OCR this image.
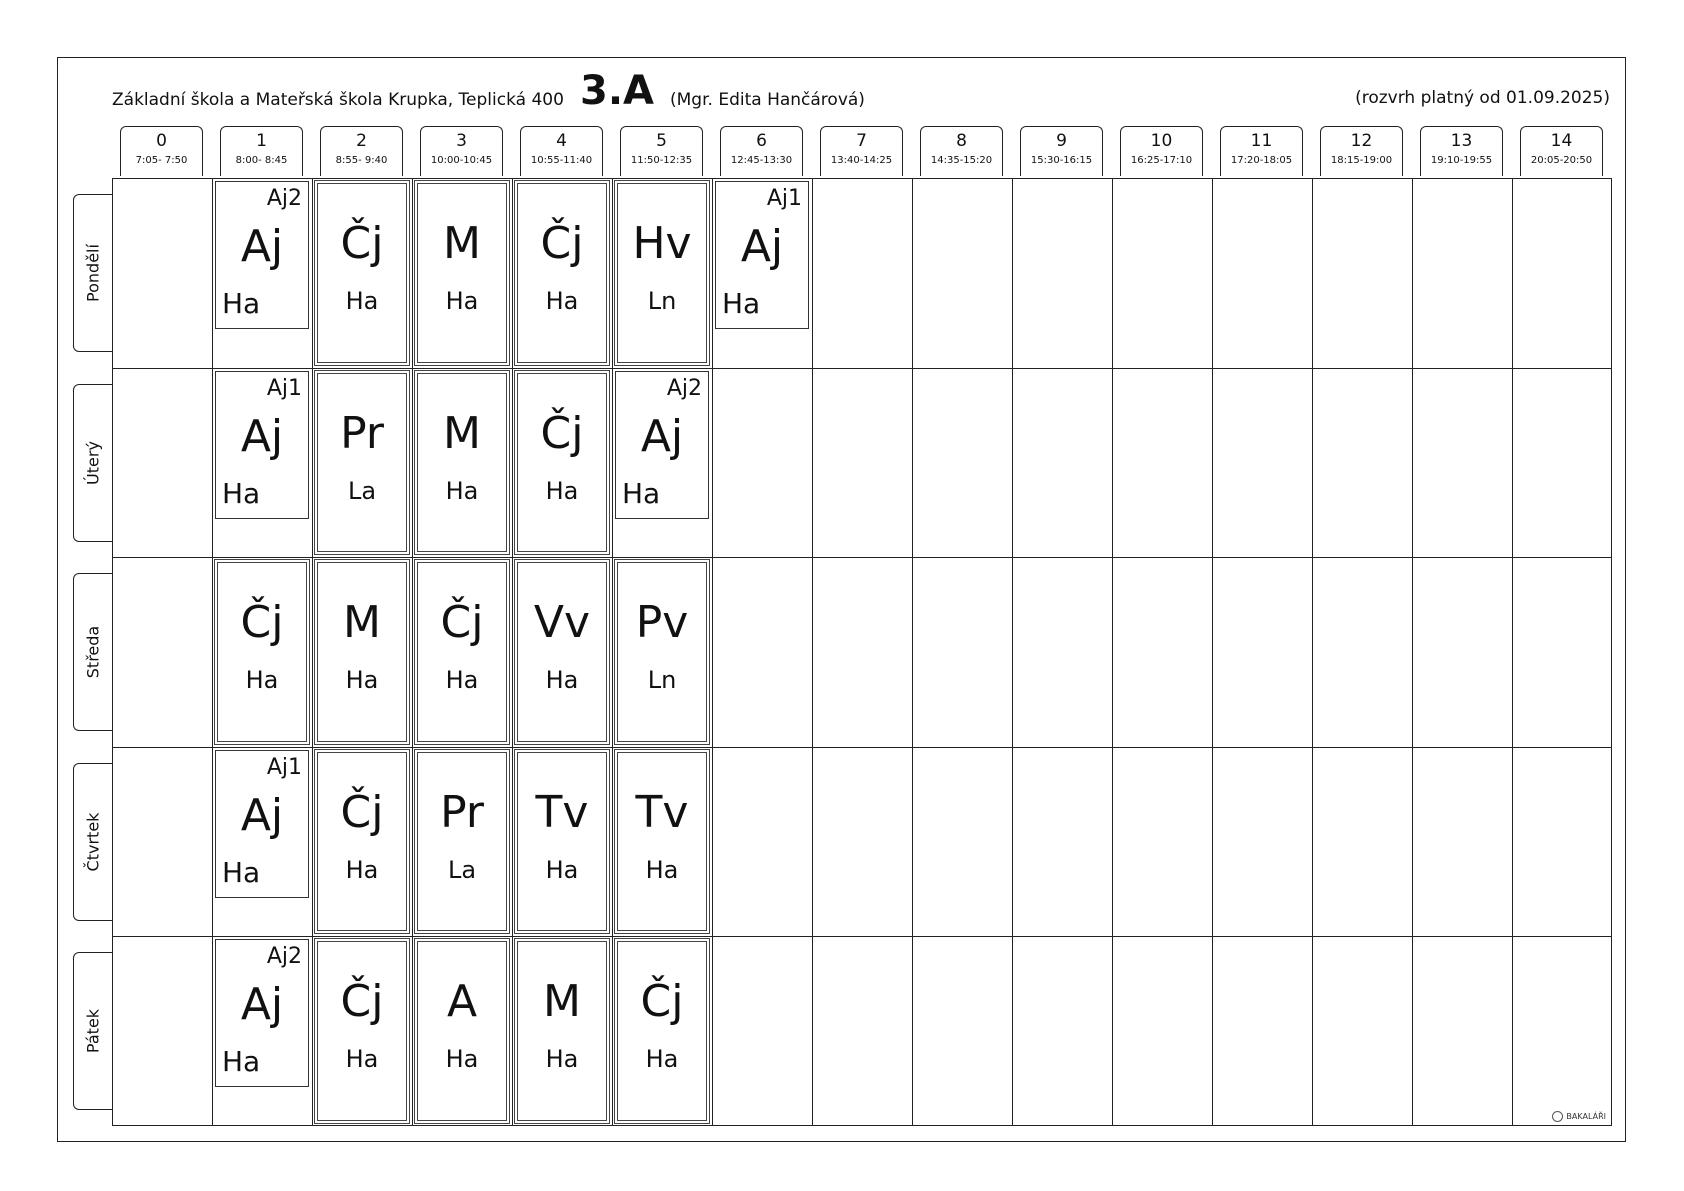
Základní škola a Mateřská škola Krupka, Teplická 400 3.A (Mgr. Edita Hančárová)	(rozvrh platný od 01.09.2025)
0
7:05- 7:50
1
8:00- 8:45
2
8:55- 9:40
3
10:00-10:45
4
10:55-11:40
5
11:50-12:35
6
12:45-13:30
7
13:40-14:25
8
14:35-15:20
9
15:30-16:15
10
16:25-17:10
11
17:20-18:05
12
18:15-19:00
13
19:10-19:55
14
20:05-20:50
Pondělí
Úterý
Středa
Čtvrtek
Pátek
Aj2
Aj
Ha
Čj
Ha
M
Ha
Čj
Ha
Hv
Ln
Aj1
Aj
Ha
Aj1
Aj
Ha
Pr
La
M
Ha
Čj
Ha
Aj2
Aj
Ha
Čj
Ha
M
Ha
Čj
Ha
Vv
Ha
Pv
Ln
Aj1
Aj
Ha
Čj
Ha
Pr
La
Tv
Ha
Tv
Ha
Aj2
Aj
Ha
Čj
Ha
A
Ha
M
Ha
Čj
Ha
BAKALÁŘI
